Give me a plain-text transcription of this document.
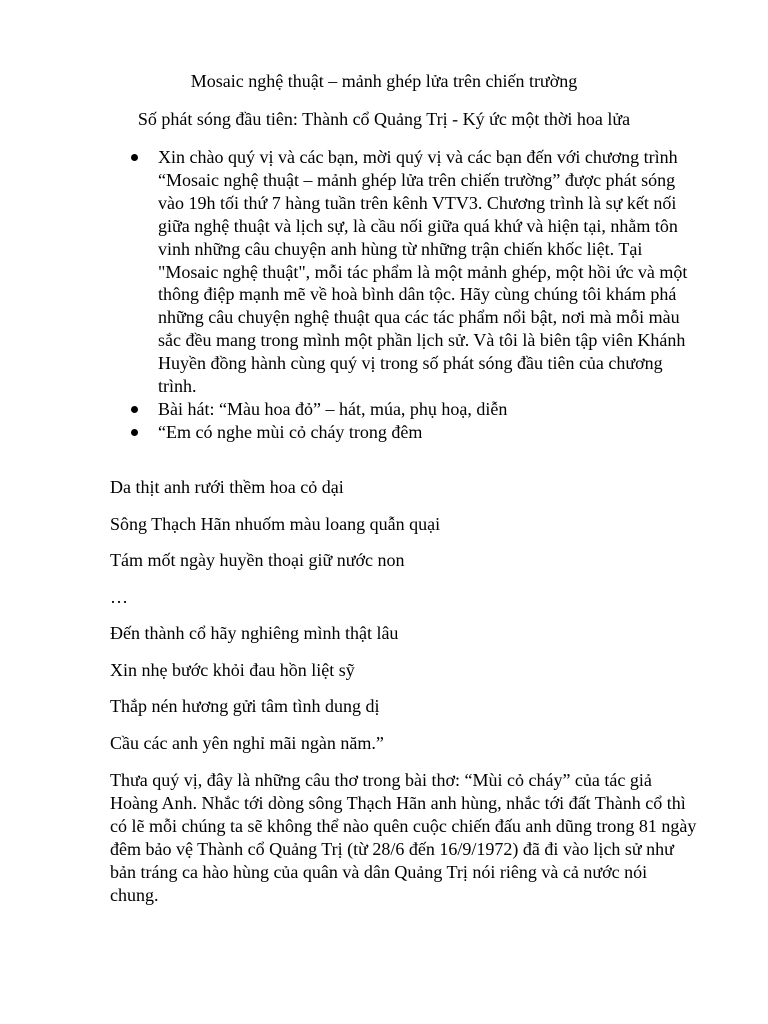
Mosaic nghệ thuật – mảnh ghép lửa trên chiến trường
Số phát sóng đầu tiên: Thành cổ Quảng Trị - Ký ức một thời hoa lửa
Xin chào quý vị và các bạn, mời quý vị và các bạn đến với chương trình “Mosaic nghệ thuật – mảnh ghép lửa trên chiến trường” được phát sóng vào 19h tối thứ 7 hàng tuần trên kênh VTV3. Chương trình là sự kết nối giữa nghệ thuật và lịch sự, là cầu nối giữa quá khứ và hiện tại, nhằm tôn vinh những câu chuyện anh hùng từ những trận chiến khốc liệt. Tại "Mosaic nghệ thuật", mỗi tác phẩm là một mảnh ghép, một hồi ức và một thông điệp mạnh mẽ về hoà bình dân tộc. Hãy cùng chúng tôi khám phá những câu chuyện nghệ thuật qua các tác phẩm nổi bật, nơi mà mỗi màu sắc đều mang trong mình một phần lịch sử. Và tôi là biên tập viên Khánh Huyền đồng hành cùng quý vị trong số phát sóng đầu tiên của chương trình.
Bài hát: “Màu hoa đỏ” – hát, múa, phụ hoạ, diễn
“Em có nghe mùi cỏ cháy trong đêm
Da thịt anh rưới thềm hoa cỏ dại
Sông Thạch Hãn nhuốm màu loang quẫn quại
Tám mốt ngày huyền thoại giữ nước non
…
Đến thành cổ hãy nghiêng mình thật lâu
Xin nhẹ bước khỏi đau hồn liệt sỹ
Thắp nén hương gửi tâm tình dung dị
Cầu các anh yên nghỉ mãi ngàn năm.”
Thưa quý vị, đây là những câu thơ trong bài thơ: “Mùi cỏ cháy” của tác giả Hoàng Anh. Nhắc tới dòng sông Thạch Hãn anh hùng, nhắc tới đất Thành cổ thì có lẽ mỗi chúng ta sẽ không thể nào quên cuộc chiến đấu anh dũng trong 81 ngày đêm bảo vệ Thành cổ Quảng Trị (từ 28/6 đến 16/9/1972) đã đi vào lịch sử như bản tráng ca hào hùng của quân và dân Quảng Trị nói riêng và cả nước nói chung.
